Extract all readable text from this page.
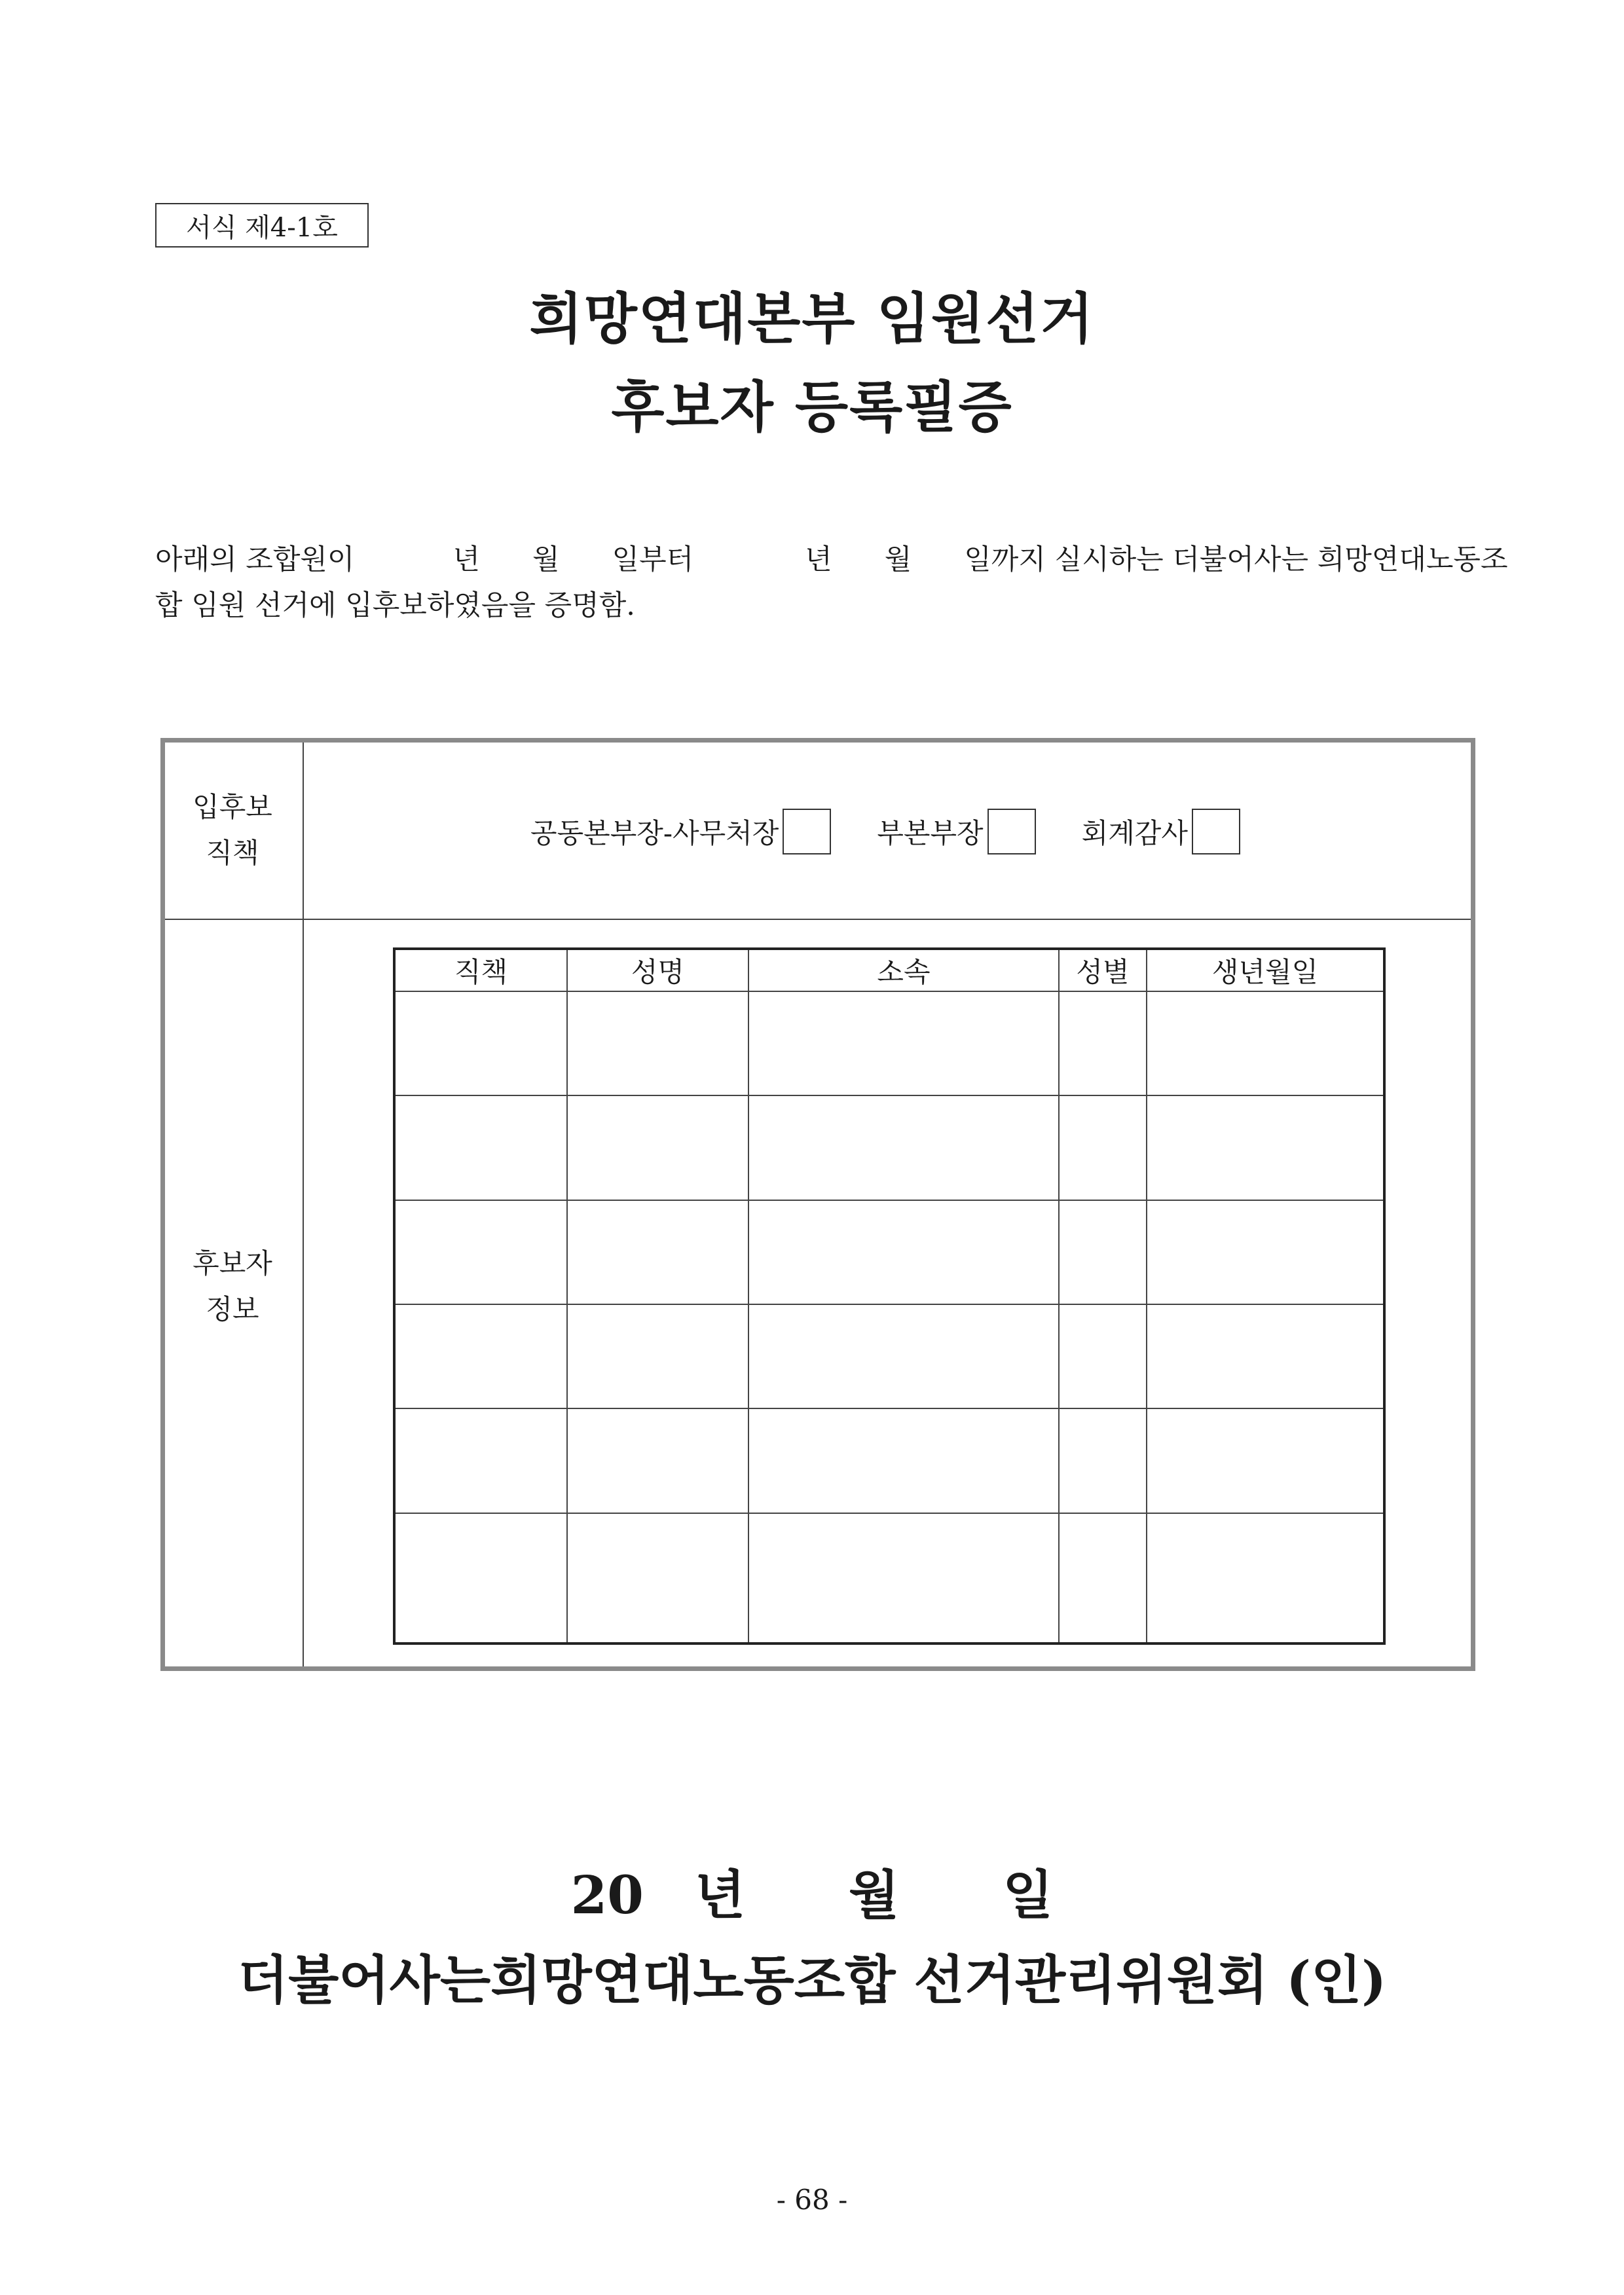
서식 제4-1호
희망연대본부 임원선거
후보자 등록필증
아래의 조합원이	년 월 일부터	년 월 일까지 실시하는 더불어사는 희망연대노동조
합 임원 선거에 입후보하였음을 증명함.
입후보
직책
공동본부장-사무처장	부본부장	회계감사
후보자
정보
직책	성명	소속	성별	생년월일

20 년 월 일
더불어사는희망연대노동조합 선거관리위원회 (인)
- 68 -
